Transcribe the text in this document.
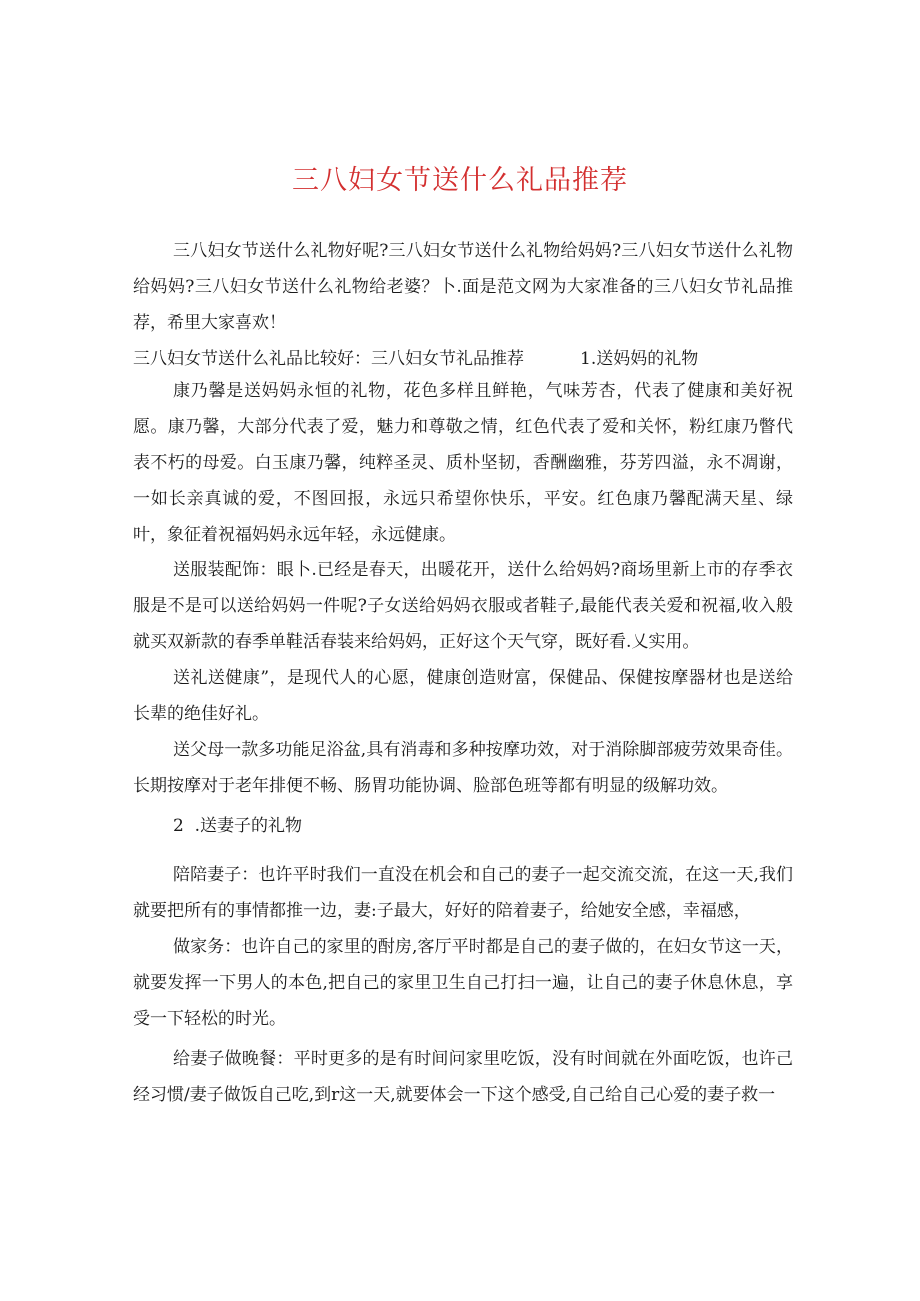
三八妇女节送什么礼品推荐

三八妇女节送什么礼物好呢?三八妇女节送什么礼物给妈妈?三八妇女节送什么礼物给妈妈?三八妇女节送什么礼物给老婆？卜.面是范文网为大家准备的三八妇女节礼品推荐，希里大家喜欢！

三八妇女节送什么礼品比较好：三八妇女节礼品推荐	1.送妈妈的礼物

康乃馨是送妈妈永恒的礼物，花色多样且鲜艳，气味芳杏，代表了健康和美好祝愿。康乃馨，大部分代表了爱，魅力和尊敬之情，红色代表了爱和关怀，粉红康乃瞥代表不朽的母爱。白玉康乃馨，纯粹圣灵、质朴坚韧，香酬幽雅，芬芳四溢，永不凋谢，一如长亲真诚的爱，不图回报，永远只希望你快乐，平安。红色康乃馨配满天星、绿叶，象征着祝福妈妈永远年轻，永远健康。

送服装配饰：眼卜.已经是春天，出暖花开，送什么给妈妈?商场里新上市的存季衣服是不是可以送给妈妈一件呢?子女送给妈妈衣服或者鞋子,最能代表关爱和祝福,收入般就买双新款的春季单鞋活春装来给妈妈，正好这个天气穿，既好看.乂实用。

送礼送健康”，是现代人的心愿，健康创造财富，保健品、保健按摩器材也是送给长辈的绝佳好礼。

送父母一款多功能足浴盆,具有消毒和多种按摩功效，对于消除脚部疲劳效果奇佳。长期按摩对于老年排便不畅、肠胃功能协调、脸部色班等都有明显的级解功效。

2  .送妻子的礼物

陪陪妻子：也许平时我们一直没在机会和自己的妻子一起交流交流，在这一天,我们就要把所有的事情都推一边，妻:子最大，好好的陪着妻子，给她安全感，幸福感，

做家务：也许自己的家里的酎房,客厅平时都是自己的妻子做的，在妇女节这一天，就要发挥一下男人的本色,把自己的家里卫生自己打扫一遍，让自己的妻子休息休息，享受一下轻松的时光。

给妻子做晚餐：平时更多的是有时间问家里吃饭，没有时间就在外面吃饭，也许己经习惯/妻子做饭自己吃,到r这一天,就要体会一下这个感受,自己给自己心爱的妻子救一
